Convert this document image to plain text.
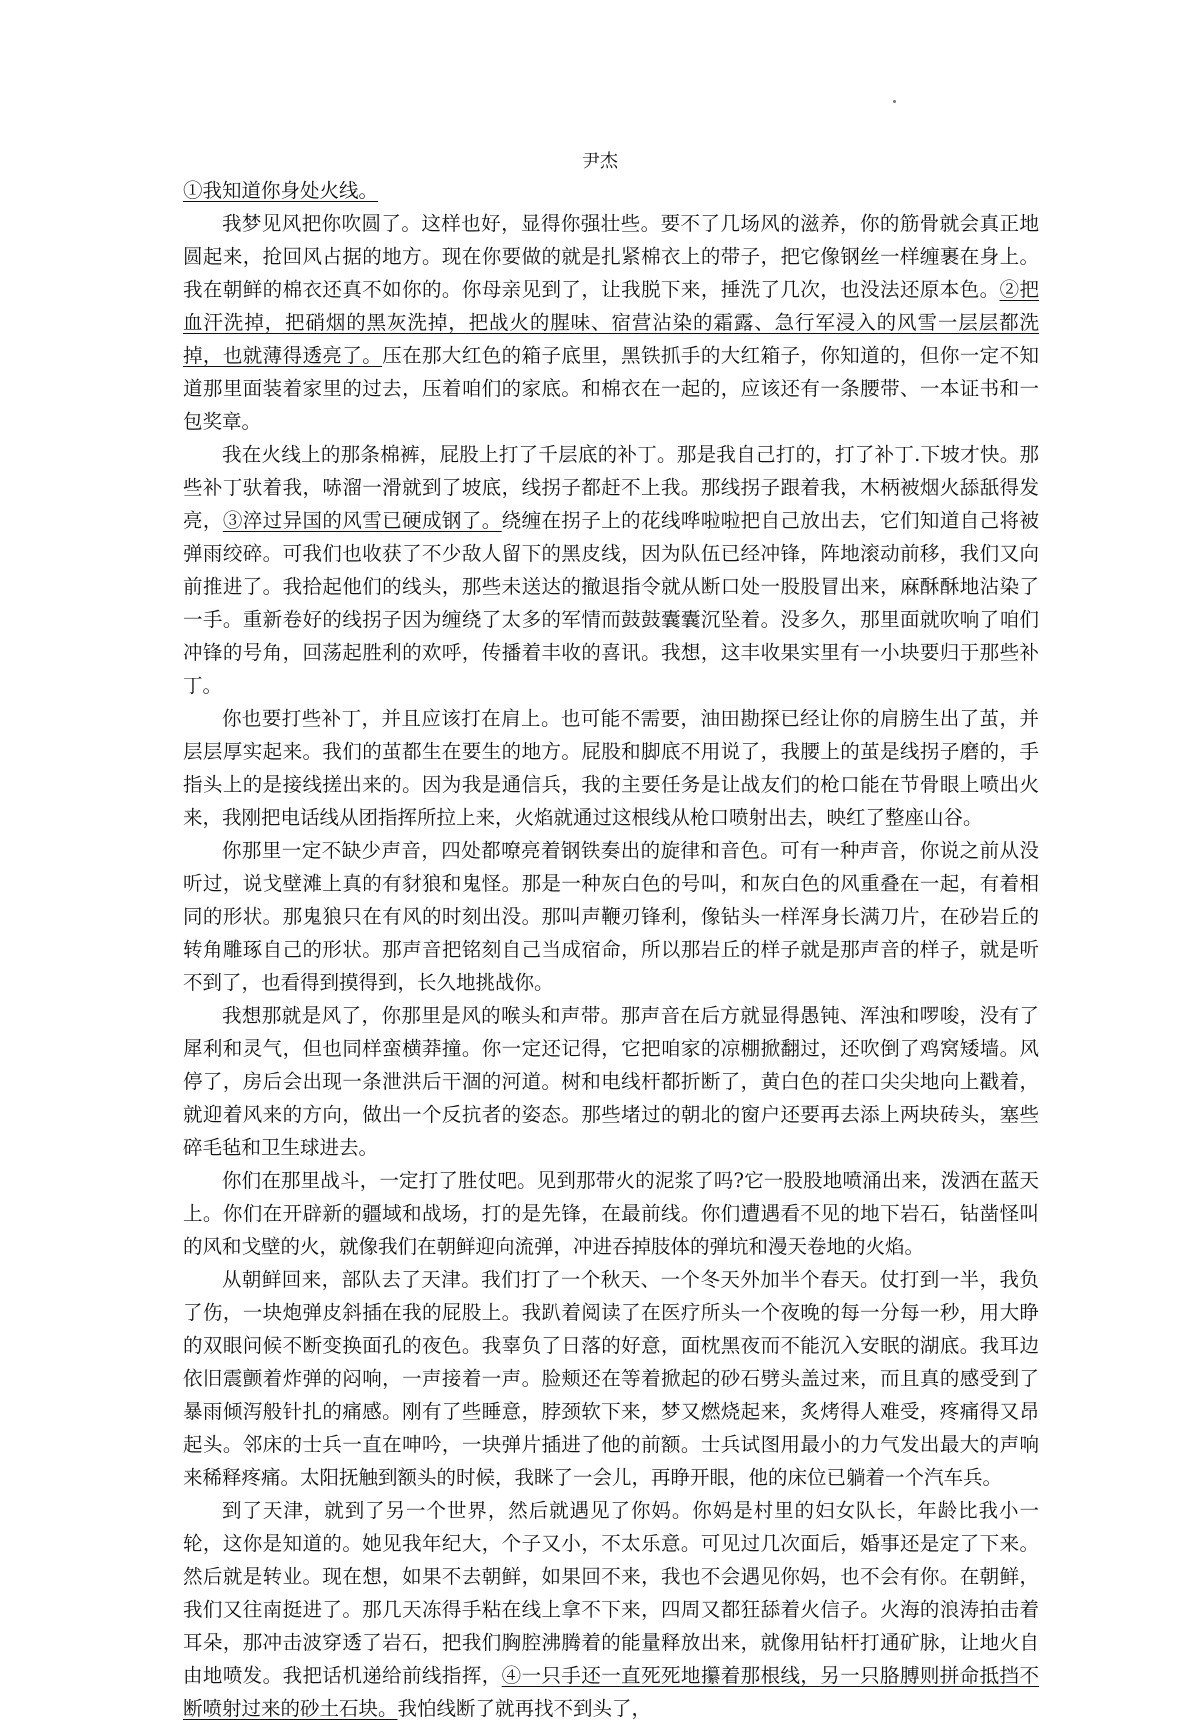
尹杰

①我知道你身处火线。

我梦见风把你吹圆了。这样也好，显得你强壮些。要不了几场风的滋养，你的筋骨就会真正地圆起来，抢回风占据的地方。现在你要做的就是扎紧棉衣上的带子，把它像钢丝一样缠裹在身上。我在朝鲜的棉衣还真不如你的。你母亲见到了，让我脱下来，捶洗了几次，也没法还原本色。②把血汗洗掉，把硝烟的黑灰洗掉，把战火的腥味、宿营沾染的霜露、急行军浸入的风雪一层层都洗掉，也就薄得透亮了。压在那大红色的箱子底里，黑铁抓手的大红箱子，你知道的，但你一定不知道那里面装着家里的过去，压着咱们的家底。和棉衣在一起的，应该还有一条腰带、一本证书和一包奖章。

我在火线上的那条棉裤，屁股上打了千层底的补丁。那是我自己打的，打了补丁.下坡才快。那些补丁驮着我，哧溜一滑就到了坡底，线拐子都赶不上我。那线拐子跟着我，木柄被烟火舔舐得发亮，③淬过异国的风雪已硬成钢了。绕缠在拐子上的花线哗啦啦把自己放出去，它们知道自己将被弹雨绞碎。可我们也收获了不少敌人留下的黑皮线，因为队伍已经冲锋，阵地滚动前移，我们又向前推进了。我拾起他们的线头，那些未送达的撤退指令就从断口处一股股冒出来，麻酥酥地沾染了一手。重新卷好的线拐子因为缠绕了太多的军情而鼓鼓囊囊沉坠着。没多久，那里面就吹响了咱们冲锋的号角，回荡起胜利的欢呼，传播着丰收的喜讯。我想，这丰收果实里有一小块要归于那些补丁。

你也要打些补丁，并且应该打在肩上。也可能不需要，油田勘探已经让你的肩膀生出了茧，并层层厚实起来。我们的茧都生在要生的地方。屁股和脚底不用说了，我腰上的茧是线拐子磨的，手指头上的是接线搓出来的。因为我是通信兵，我的主要任务是让战友们的枪口能在节骨眼上喷出火来，我刚把电话线从团指挥所拉上来，火焰就通过这根线从枪口喷射出去，映红了整座山谷。

你那里一定不缺少声音，四处都嘹亮着钢铁奏出的旋律和音色。可有一种声音，你说之前从没听过，说戈壁滩上真的有豺狼和鬼怪。那是一种灰白色的号叫，和灰白色的风重叠在一起，有着相同的形状。那鬼狼只在有风的时刻出没。那叫声鞭刃锋利，像钻头一样浑身长满刀片，在砂岩丘的转角雕琢自己的形状。那声音把铭刻自己当成宿命，所以那岩丘的样子就是那声音的样子，就是听不到了，也看得到摸得到，长久地挑战你。

我想那就是风了，你那里是风的喉头和声带。那声音在后方就显得愚钝、浑浊和啰唆，没有了犀利和灵气，但也同样蛮横莽撞。你一定还记得，它把咱家的凉棚掀翻过，还吹倒了鸡窝矮墙。风停了，房后会出现一条泄洪后干涸的河道。树和电线杆都折断了，黄白色的茬口尖尖地向上戳着，就迎着风来的方向，做出一个反抗者的姿态。那些堵过的朝北的窗户还要再去添上两块砖头，塞些碎毛毡和卫生球进去。

你们在那里战斗，一定打了胜仗吧。见到那带火的泥浆了吗?它一股股地喷涌出来，泼洒在蓝天上。你们在开辟新的疆域和战场，打的是先锋，在最前线。你们遭遇看不见的地下岩石，钻凿怪叫的风和戈壁的火，就像我们在朝鲜迎向流弹，冲进吞掉肢体的弹坑和漫天卷地的火焰。

从朝鲜回来，部队去了天津。我们打了一个秋天、一个冬天外加半个春天。仗打到一半，我负了伤，一块炮弹皮斜插在我的屁股上。我趴着阅读了在医疗所头一个夜晚的每一分每一秒，用大睁的双眼问候不断变换面孔的夜色。我辜负了日落的好意，面枕黑夜而不能沉入安眠的湖底。我耳边依旧震颤着炸弹的闷响，一声接着一声。脸颊还在等着掀起的砂石劈头盖过来，而且真的感受到了暴雨倾泻般针扎的痛感。刚有了些睡意，脖颈软下来，梦又燃烧起来，炙烤得人难受，疼痛得又昂起头。邻床的士兵一直在呻吟，一块弹片插进了他的前额。士兵试图用最小的力气发出最大的声响来稀释疼痛。太阳抚触到额头的时候，我眯了一会儿，再睁开眼，他的床位已躺着一个汽车兵。

到了天津，就到了另一个世界，然后就遇见了你妈。你妈是村里的妇女队长，年龄比我小一轮，这你是知道的。她见我年纪大，个子又小，不太乐意。可见过几次面后，婚事还是定了下来。然后就是转业。现在想，如果不去朝鲜，如果回不来，我也不会遇见你妈，也不会有你。在朝鲜，我们又往南挺进了。那几天冻得手粘在线上拿不下来，四周又都狂舔着火信子。火海的浪涛拍击着耳朵，那冲击波穿透了岩石，把我们胸腔沸腾着的能量释放出来，就像用钻杆打通矿脉，让地火自由地喷发。我把话机递给前线指挥，④一只手还一直死死地攥着那根线，另一只胳膊则拼命抵挡不断喷射过来的砂土石块。我怕线断了就再找不到头了，
